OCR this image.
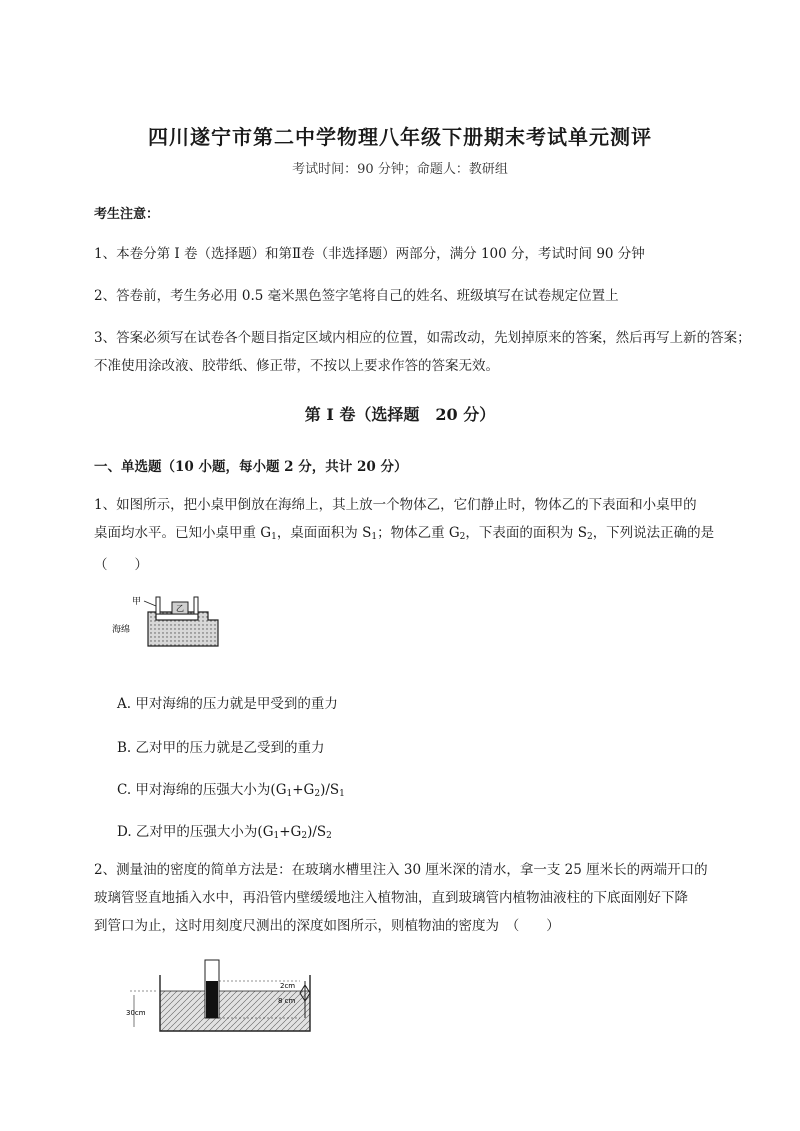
四川遂宁市第二中学物理八年级下册期末考试单元测评
考试时间：90 分钟；命题人：教研组
考生注意：
1、本卷分第 I 卷（选择题）和第Ⅱ卷（非选择题）两部分，满分 100 分，考试时间 90 分钟
2、答卷前，考生务必用 0.5 毫米黑色签字笔将自己的姓名、班级填写在试卷规定位置上
3、答案必须写在试卷各个题目指定区域内相应的位置，如需改动，先划掉原来的答案，然后再写上新的答案；不准使用涂改液、胶带纸、修正带，不按以上要求作答的答案无效。
第 I 卷（选择题　20 分）
一、单选题（10 小题，每小题 2 分，共计 20 分）
1、如图所示，把小桌甲倒放在海绵上，其上放一个物体乙，它们静止时，物体乙的下表面和小桌甲的
桌面均水平。已知小桌甲重 $G_1$，桌面面积为 $S_1$；物体乙重 $G_2$，下表面的面积为 $S_2$，下列说法正确的是
（　　）
甲
乙
海绵
A. 甲对海绵的压力就是甲受到的重力
B. 乙对甲的压力就是乙受到的重力
C. 甲对海绵的压强大小为$(G_1+G_2)/S_1$
D. 乙对甲的压强大小为$(G_1+G_2)/S_2$
2、测量油的密度的简单方法是：在玻璃水槽里注入 30 厘米深的清水，拿一支 25 厘米长的两端开口的
玻璃管竖直地插入水中，再沿管内壁缓缓地注入植物油，直到玻璃管内植物油液柱的下底面刚好下降
到管口为止，这时用刻度尺测出的深度如图所示，则植物油的密度为　（　　）
30cm
2cm
8 cm
